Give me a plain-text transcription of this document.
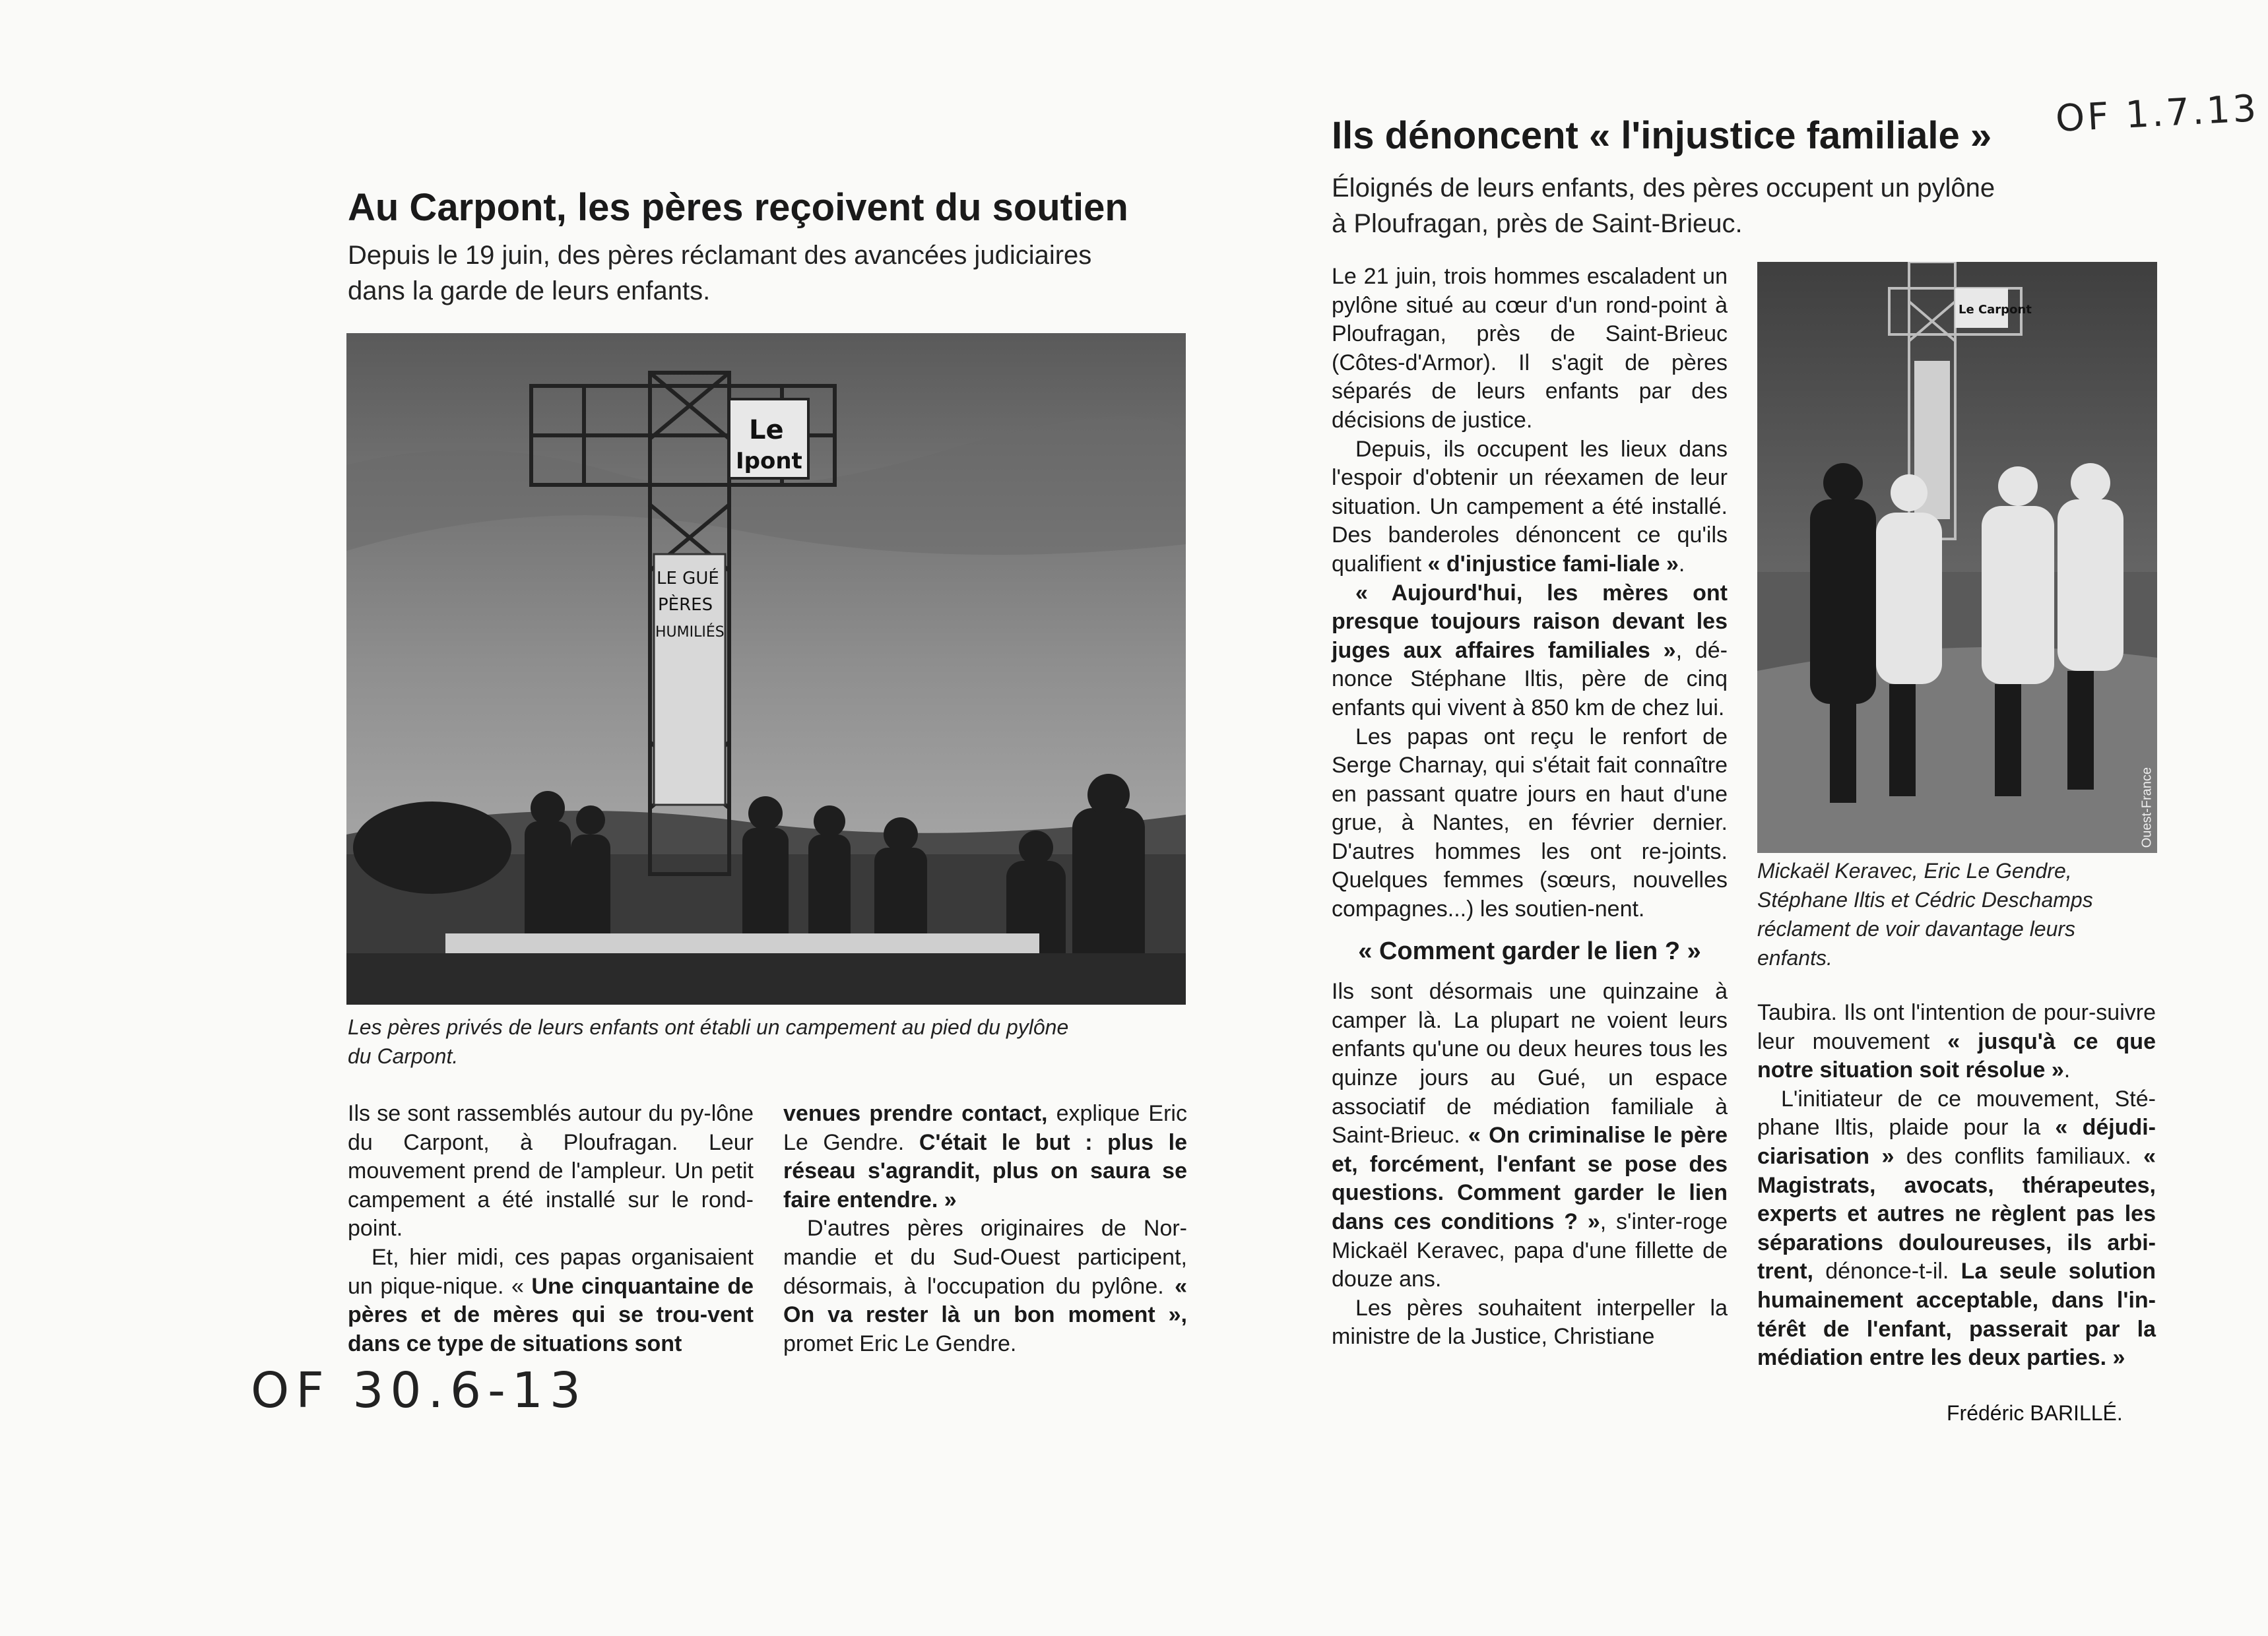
OF 1.7.13
OF 30.6-13
Au Carpont, les pères reçoivent du soutien
Depuis le 19 juin, des pères réclamant des avancées judiciaires
dans la garde de leurs enfants.
Le
Ipont
LE GUÉ
PÈRES
HUMILIÉS
Les pères privés de leurs enfants ont établi un campement au pied du pylône
du Carpont.

Ils se sont rassemblés autour du py-lône du Carpont, à Ploufragan. Leur mouvement prend de l'ampleur. Un petit campement a été installé sur le rond-point.

Et, hier midi, ces papas organisaient un pique-nique. « Une cinquantaine de pères et de mères qui se trou-vent dans ce type de situations sont

venues prendre contact, explique Eric Le Gendre. C'était le but : plus le réseau s'agrandit, plus on saura se faire entendre. »

D'autres pères originaires de Nor-mandie et du Sud-Ouest participent, désormais, à l'occupation du pylône. « On va rester là un bon moment », promet Eric Le Gendre.

Ils dénoncent « l'injustice familiale »
Éloignés de leurs enfants, des pères occupent un pylône
à Ploufragan, près de Saint-Brieuc.

Le 21 juin, trois hommes escaladent un pylône situé au cœur d'un rond-point à Ploufragan, près de Saint-Brieuc (Côtes-d'Armor). Il s'agit de pères séparés de leurs enfants par des décisions de justice.

Depuis, ils occupent les lieux dans l'espoir d'obtenir un réexamen de leur situation. Un campement a été installé. Des banderoles dénoncent ce qu'ils qualifient « d'injustice fami-liale ».

« Aujourd'hui, les mères ont presque toujours raison devant les juges aux affaires familiales », dé-nonce Stéphane Iltis, père de cinq enfants qui vivent à 850 km de chez lui.

Les papas ont reçu le renfort de Serge Charnay, qui s'était fait connaître en passant quatre jours en haut d'une grue, à Nantes, en février dernier. D'autres hommes les ont re-joints. Quelques femmes (sœurs, nouvelles compagnes...) les soutien-nent.

« Comment garder le lien ? »

Ils sont désormais une quinzaine à camper là. La plupart ne voient leurs enfants qu'une ou deux heures tous les quinze jours au Gué, un espace associatif de médiation familiale à Saint-Brieuc. « On criminalise le père et, forcément, l'enfant se pose des questions. Comment garder le lien dans ces conditions ? », s'inter-roge Mickaël Keravec, papa d'une fillette de douze ans.

Les pères souhaitent interpeller la ministre de la Justice, Christiane

Le Carpont
Ouest-France
Mickaël Keravec, Eric Le Gendre, Stéphane Iltis et Cédric Deschamps réclament de voir davantage leurs enfants.

Taubira. Ils ont l'intention de pour-suivre leur mouvement « jusqu'à ce que notre situation soit résolue ».

L'initiateur de ce mouvement, Sté-phane Iltis, plaide pour la « déjudi-ciarisation » des conflits familiaux. « Magistrats, avocats, thérapeutes, experts et autres ne règlent pas les séparations douloureuses, ils arbi-trent, dénonce-t-il. La seule solution humainement acceptable, dans l'in-térêt de l'enfant, passerait par la médiation entre les deux parties. »

Frédéric BARILLÉ.
